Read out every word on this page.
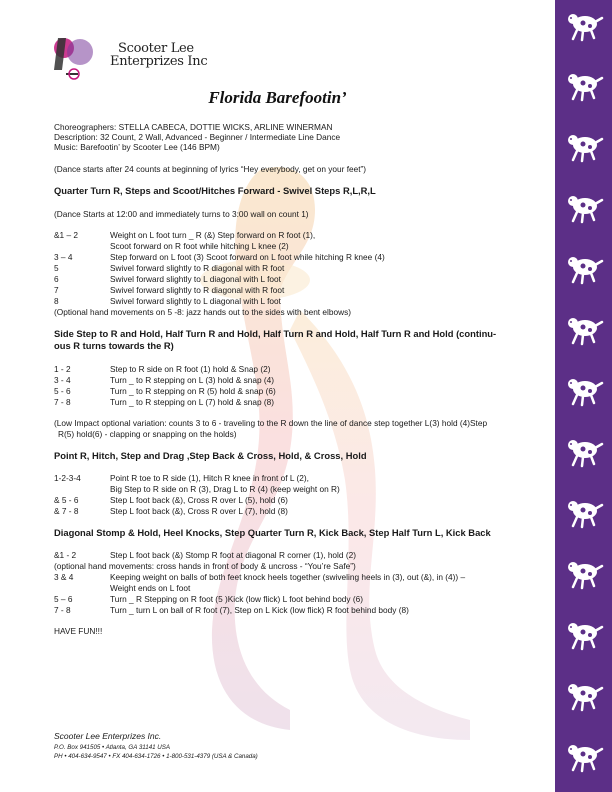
Scooter Lee
Enterprizes Inc
Florida Barefootin’
Choreographers: STELLA CABECA, DOTTIE WICKS, ARLINE WINERMAN
Description: 32 Count, 2 Wall, Advanced - Beginner / Intermediate Line Dance
Music: Barefootin’ by Scooter Lee (146 BPM)
(Dance starts after 24 counts at beginning of lyrics “Hey everybody, get on your feet”)
Quarter Turn R, Steps and Scoot/Hitches Forward - Swivel Steps R,L,R,L
(Dance Starts at 12:00 and immediately turns to 3:00 wall on count 1)
&1 – 2	Weight on L foot turn _ R (&) Step forward on R foot (1),
Scoot forward on R foot while hitching L knee (2)
3 – 4	Step forward on L foot (3) Scoot forward on L foot while hitching R knee (4)
5	Swivel forward slightly to R diagonal with R foot
6	Swivel forward slightly to L diagonal with L foot
7	Swivel forward slightly to R diagonal with R foot
8	Swivel forward slightly to L diagonal with L foot
(Optional hand movements on 5 -8: jazz hands out to the sides with bent elbows)
Side Step to R and Hold, Half Turn R and Hold, Half Turn R and Hold, Half Turn R and Hold (continu-
ous R turns towards the R)
1 - 2	Step to R side on R foot (1) hold & Snap (2)
3 - 4	Turn _ to R stepping on L (3) hold & snap (4)
5 - 6	Turn _ to R stepping on R (5) hold & snap (6)
7 - 8	Turn _ to R stepping on L (7) hold & snap (8)
(Low Impact optional variation: counts 3 to 6 - traveling to the R down the line of dance step together L(3) hold (4)Step
R(5) hold(6) - clapping or snapping on the holds)
Point R, Hitch, Step and Drag ,Step Back & Cross, Hold, & Cross, Hold
1-2-3-4	Point R toe to R side (1), Hitch R knee in front of L (2),
Big Step to R side on R (3), Drag L to R (4) (keep weight on R)
& 5 - 6	Step L foot back (&), Cross R over L (5), hold (6)
& 7 - 8	Step L foot back (&), Cross R over L (7), hold (8)
Diagonal Stomp & Hold, Heel Knocks, Step Quarter Turn R, Kick Back, Step Half Turn L, Kick Back
&1 - 2	Step L foot back (&) Stomp R foot at diagonal R corner (1), hold (2)
(optional hand movements: cross hands in front of body & uncross - “You’re Safe”)
3 & 4	Keeping weight on balls of both feet knock heels together (swiveling heels in (3), out (&), in (4)) –
Weight ends on L foot
5 – 6	Turn _ R Stepping on R foot (5 )Kick (low flick) L foot behind body (6)
7 - 8	Turn _ turn L on ball of R foot (7), Step on L Kick (low flick) R foot behind body (8)
HAVE FUN!!!
Scooter Lee Enterprizes Inc.
P.O. Box 941505 • Atlanta, GA 31141 USA
PH • 404-634-9547 • FX 404-634-1726 • 1-800-531-4379 (USA & Canada)
